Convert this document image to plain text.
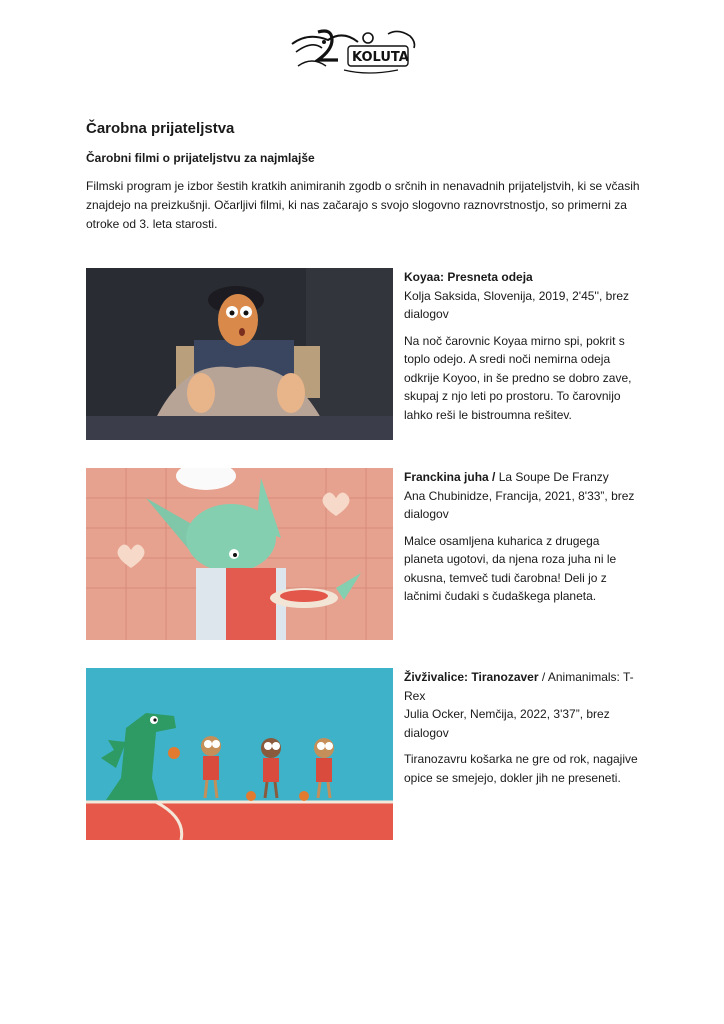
KOLUTA
Čarobna prijateljstva
Čarobni filmi o prijateljstvu za najmlajše

Filmski program je izbor šestih kratkih animiranih zgodb o srčnih in nenavadnih prijateljstvih, ki se včasih znajdejo na preizkušnji. Očarljivi filmi, ki nas začarajo s svojo slogovno raznovrstnostjo, so primerni za otroke od 3. leta starosti.

Koyaa: Presneta odeja

Kolja Saksida, Slovenija, 2019, 2'45'', brez dialogov

Na noč čarovnic Koyaa mirno spi, pokrit s toplo odejo. A sredi noči nemirna odeja odkrije Koyoo, in še predno se dobro zave, skupaj z njo leti po prostoru. To čarovnijo lahko reši le bistroumna rešitev.

Franckina juha / La Soupe De Franzy

Ana Chubinidze, Francija, 2021, 8'33”, brez dialogov

Malce osamljena kuharica z drugega planeta ugotovi, da njena roza juha ni le okusna, temveč tudi čarobna! Deli jo z lačnimi čudaki s čudaškega planeta.

Živživalice: Tiranozaver / Animanimals: T-Rex

Julia Ocker, Nemčija, 2022, 3'37”, brez dialogov

Tiranozavru košarka ne gre od rok, nagajive opice se smejejo, dokler jih ne preseneti.
